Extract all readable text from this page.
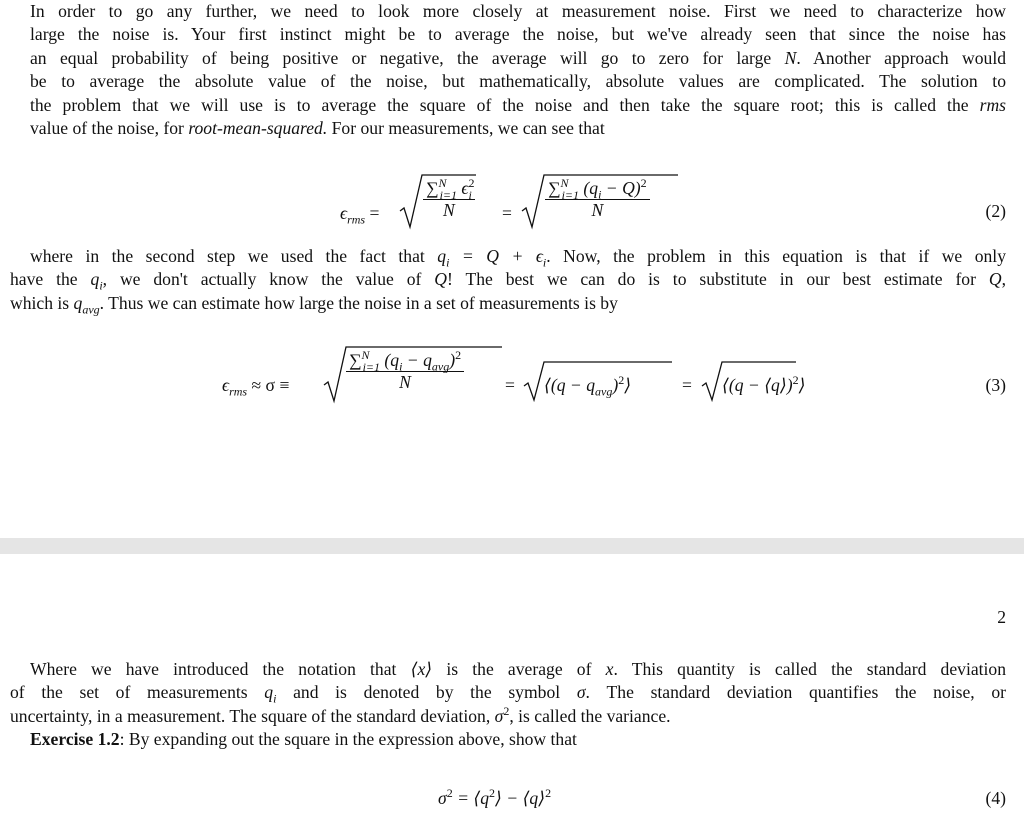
In order to go any further, we need to look more closely at measurement noise. First we need to characterize how
large the noise is. Your first instinct might be to average the noise, but we've already seen that since the noise has
an equal probability of being positive or negative, the average will go to zero for large N. Another approach would
be to average the absolute value of the noise, but mathematically, absolute values are complicated. The solution to
the problem that we will use is to average the square of the noise and then take the square root; this is called the rms
value of the noise, for root-mean-squared. For our measurements, we can see that
$\epsilon_{rms} = \frac{\sum^N_{i=1} \epsilon^2_i}{N} = \frac{\sum^N_{i=1} (q_i - Q)^2}{N}$	(2)
where in the second step we used the fact that $q_i = Q + \epsilon_i$. Now, the problem in this equation is that if we only
have the $q_i$, we don't actually know the value of Q! The best we can do is to substitute in our best estimate for Q,
which is $q_{avg}$. Thus we can estimate how large the noise in a set of measurements is by
$\epsilon_{rms} \approx \sigma$ ≡
∑$^N_{i=1}$ $(q_i - q_{avg})^2$
N	= ⟨(q − $q_{avg})^2⟩$	= ⟨(q − ⟨q⟩)$^2$⟩	(3)
2
Where we have introduced the notation that ⟨x⟩ is the average of x. This quantity is called the standard deviation
of the set of measurements $q_i$ and is denoted by the symbol σ. The standard deviation quantifies the noise, or
uncertainty, in a measurement. The square of the standard deviation, $\sigma^2$, is called the variance.
Exercise 1.2: By expanding out the square in the expression above, show that
$\sigma^2$ = $⟨q^2⟩$ − ⟨q⟩$^2$	(4)
